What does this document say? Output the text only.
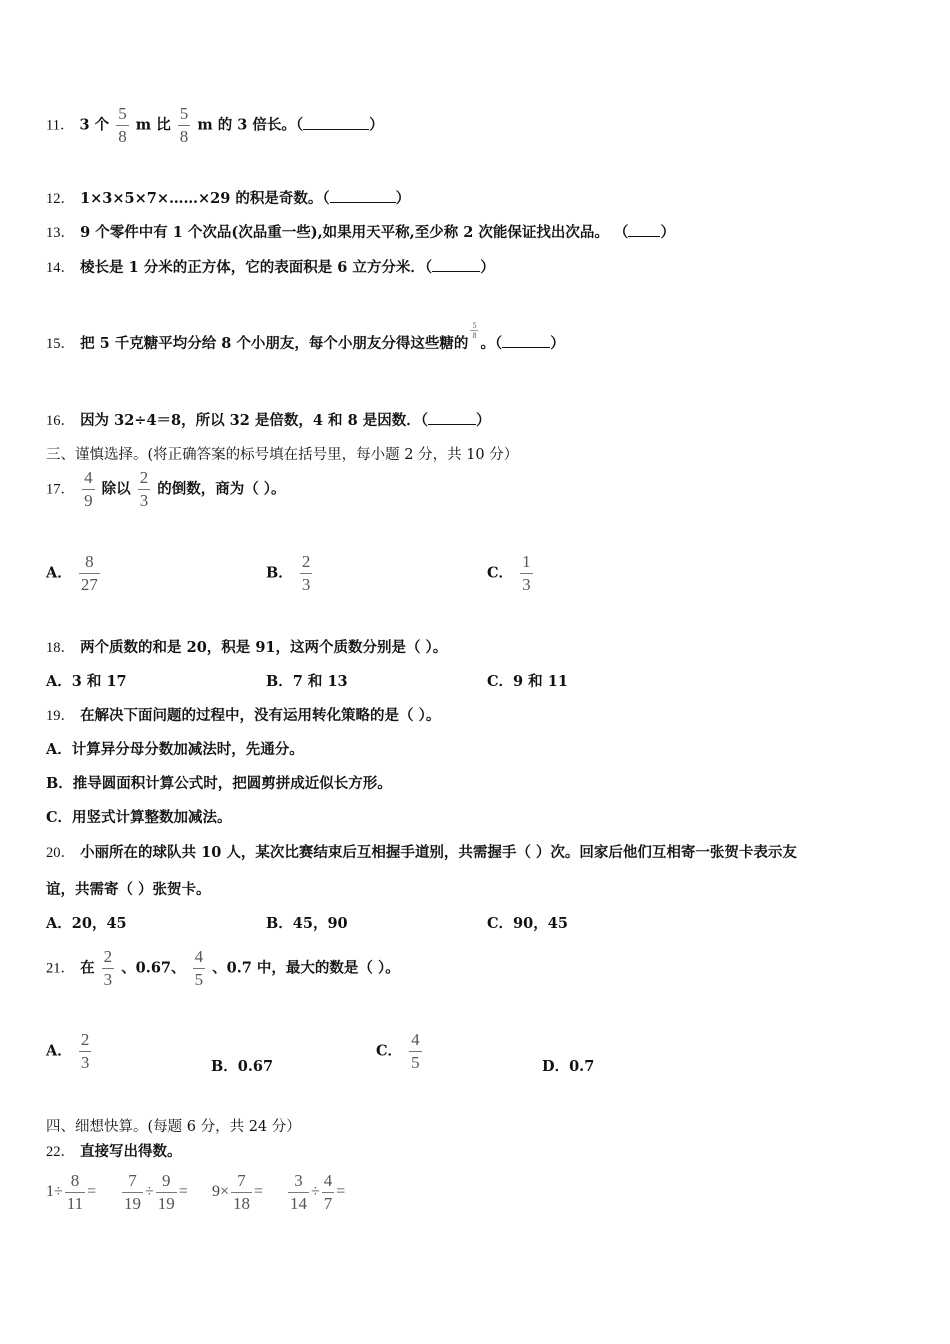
11． 3 个 $\frac{5}{8}$ m 比 $\frac{5}{8}$ m 的 3 倍长。（	）
12． 1×3×5×7×……×29 的积是奇数。（	）
13． 9 个零件中有 1 个次品(次品重一些),如果用天平称,至少称 2 次能保证找出次品。 （ ）
14． 棱长是 1 分米的正方体，它的表面积是 6 立方分米．（	）
15． 把 5 千克糖平均分给 8 个小朋友，每个小朋友分得这些糖的
$\frac{5}{8}$
。（	）
16． 因为 32÷4＝8，所以 32 是倍数，4 和 8 是因数．（	）
三、谨慎选择。(将正确答案的标号填在括号里，每小题 2 分，共 10 分）
17． $\frac{4}{9}$ 除以 $\frac{2}{3}$ 的倒数，商为（ ）。
A． $\frac{8}{27}$	B． $\frac{2}{3}$	C． $\frac{1}{3}$
18． 两个质数的和是 20，积是 91，这两个质数分别是（ ）。
A．3 和 17	B．7 和 13	C．9 和 11
19． 在解决下面问题的过程中，没有运用转化策略的是（ ）。
A．计算异分母分数加减法时，先通分。
B．推导圆面积计算公式时，把圆剪拼成近似长方形。
C．用竖式计算整数加减法。
20． 小丽所在的球队共 10 人，某次比赛结束后互相握手道别，共需握手（ ）次。回家后他们互相寄一张贺卡表示友
谊，共需寄（ ）张贺卡。
A．20，45	B．45，90	C．90，45
21． 在 $\frac{2}{3}$ 、0.67、 $\frac{4}{5}$ 、0.7 中，最大的数是（ ）。
A． $\frac{2}{3}$	B．0.67
C． $\frac{4}{5}$	D．0.7
四、细想快算。(每题 6 分，共 24 分）
22． 直接写出得数。
$1\div \frac{8}{11} = \frac{7}{19} \div \frac{9}{19} = 9\times \frac{7}{18} = \frac{3}{14} \div \frac{4}{7}$ =
